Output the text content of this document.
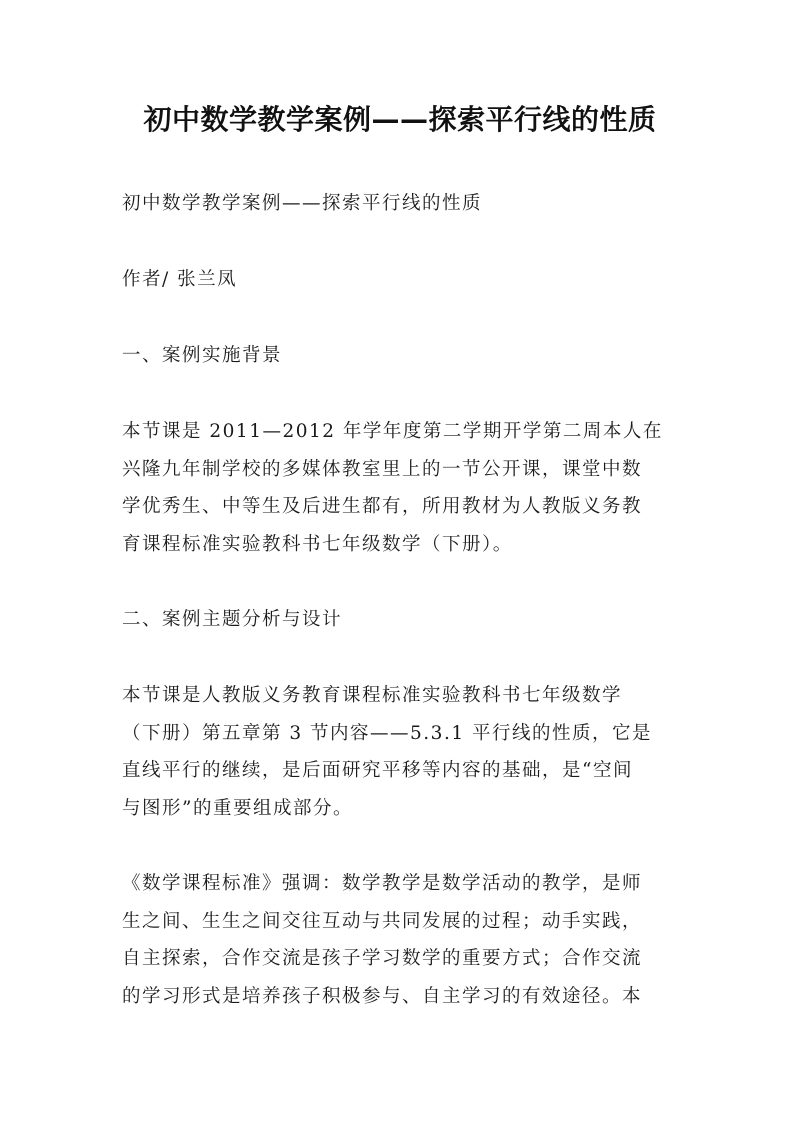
初中数学教学案例——探索平行线的性质
初中数学教学案例——探索平行线的性质
作者/ 张兰凤
一、案例实施背景
本节课是 2011—2012 年学年度第二学期开学第二周本人在
兴隆九年制学校的多媒体教室里上的一节公开课，课堂中数
学优秀生、中等生及后进生都有，所用教材为人教版义务教
育课程标准实验教科书七年级数学（下册）。
二、案例主题分析与设计
本节课是人教版义务教育课程标准实验教科书七年级数学
（下册）第五章第 3 节内容——5.3.1 平行线的性质，它是
直线平行的继续，是后面研究平移等内容的基础，是“空间
与图形”的重要组成部分。
《数学课程标准》强调：数学教学是数学活动的教学，是师
生之间、生生之间交往互动与共同发展的过程；动手实践，
自主探索，合作交流是孩子学习数学的重要方式；合作交流
的学习形式是培养孩子积极参与、自主学习的有效途径。本
